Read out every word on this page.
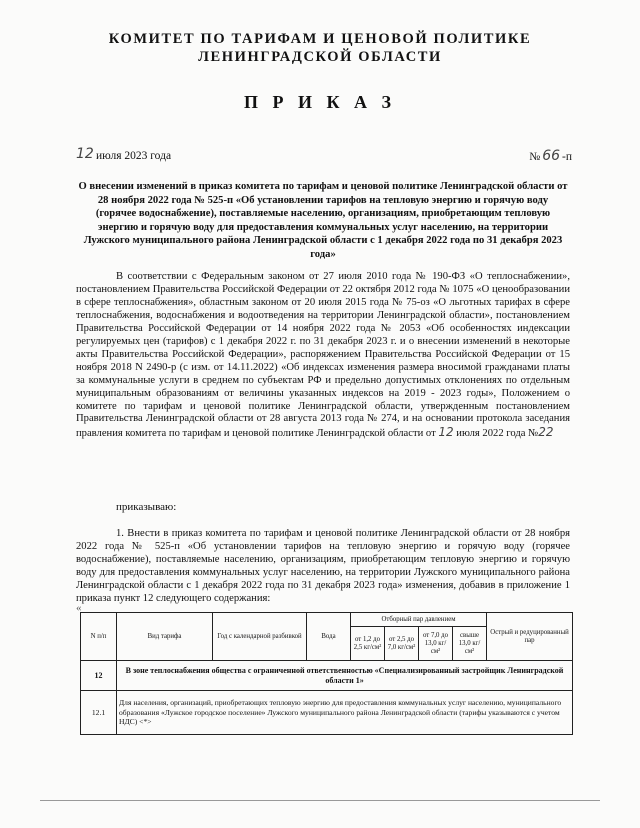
КОМИТЕТ ПО ТАРИФАМ И ЦЕНОВОЙ ПОЛИТИКЕ
ЛЕНИНГРАДСКОЙ ОБЛАСТИ
П Р И К А З
12 июля 2023 года	№ 66 -п
О внесении изменений в приказ комитета по тарифам и ценовой политике Ленинградской области от 28 ноября 2022 года № 525-п «Об установлении тарифов на тепловую энергию и горячую воду (горячее водоснабжение), поставляемые населению, организациям, приобретающим тепловую энергию и горячую воду для предоставления коммунальных услуг населению, на территории Лужского муниципального района Ленинградской области с 1 декабря 2022 года по 31 декабря 2023 года»

В соответствии с Федеральным законом от 27 июля 2010 года № 190-ФЗ «О теплоснабжении», постановлением Правительства Российской Федерации от 22 октября 2012 года № 1075 «О ценообразовании в сфере теплоснабжения», областным законом от 20 июля 2015 года № 75-оз «О льготных тарифах в сфере теплоснабжения, водоснабжения и водоотведения на территории Ленинградской области», постановлением Правительства Российской Федерации от 14 ноября 2022 года № 2053 «Об особенностях индексации регулируемых цен (тарифов) с 1 декабря 2022 г. по 31 декабря 2023 г. и о внесении изменений в некоторые акты Правительства Российской Федерации», распоряжением Правительства Российской Федерации от 15 ноября 2018 N 2490-р (с изм. от 14.11.2022) «Об индексах изменения размера вносимой гражданами платы за коммунальные услуги в среднем по субъектам РФ и предельно допустимых отклонениях по отдельным муниципальным образованиям от величины указанных индексов на 2019 - 2023 годы», Положением о комитете по тарифам и ценовой политике Ленинградской области, утвержденным постановлением Правительства Ленинградской области от 28 августа 2013 года № 274, и на основании протокола заседания правления комитета по тарифам и ценовой политике Ленинградской области от 12 июля 2022 года №22

приказываю:
1. Внести в приказ комитета по тарифам и ценовой политике Ленинградской области от 28 ноября 2022 года № 525-п «Об установлении тарифов на тепловую энергию и горячую воду (горячее водоснабжение), поставляемые населению, организациям, приобретающим тепловую энергию и горячую воду для предоставления коммунальных услуг населению, на территории Лужского муниципального района Ленинградской области с 1 декабря 2022 года по 31 декабря 2023 года» изменения, добавив в приложение 1 приказа пункт 12 следующего содержания:
«
N п/п	Вид тарифа	Год с календарной разбивкой	Вода	Отборный пар давлением				Острый и редуцированный пар
				от 1,2 до 2,5 кг/см²	от 2,5 до 7,0 кг/см²	от 7,0 до 13,0 кг/см²	свыше 13,0 кг/см²	
12	В зоне теплоснабжения общества с ограниченной ответственностью «Специализированный застройщик Ленинградской области 1»							
12.1	Для населения, организаций, приобретающих тепловую энергию для предоставления коммунальных услуг населению, муниципального образования «Лужское городское поселение» Лужского муниципального района Ленинградской области (тарифы указываются с учетом НДС) <*>							
